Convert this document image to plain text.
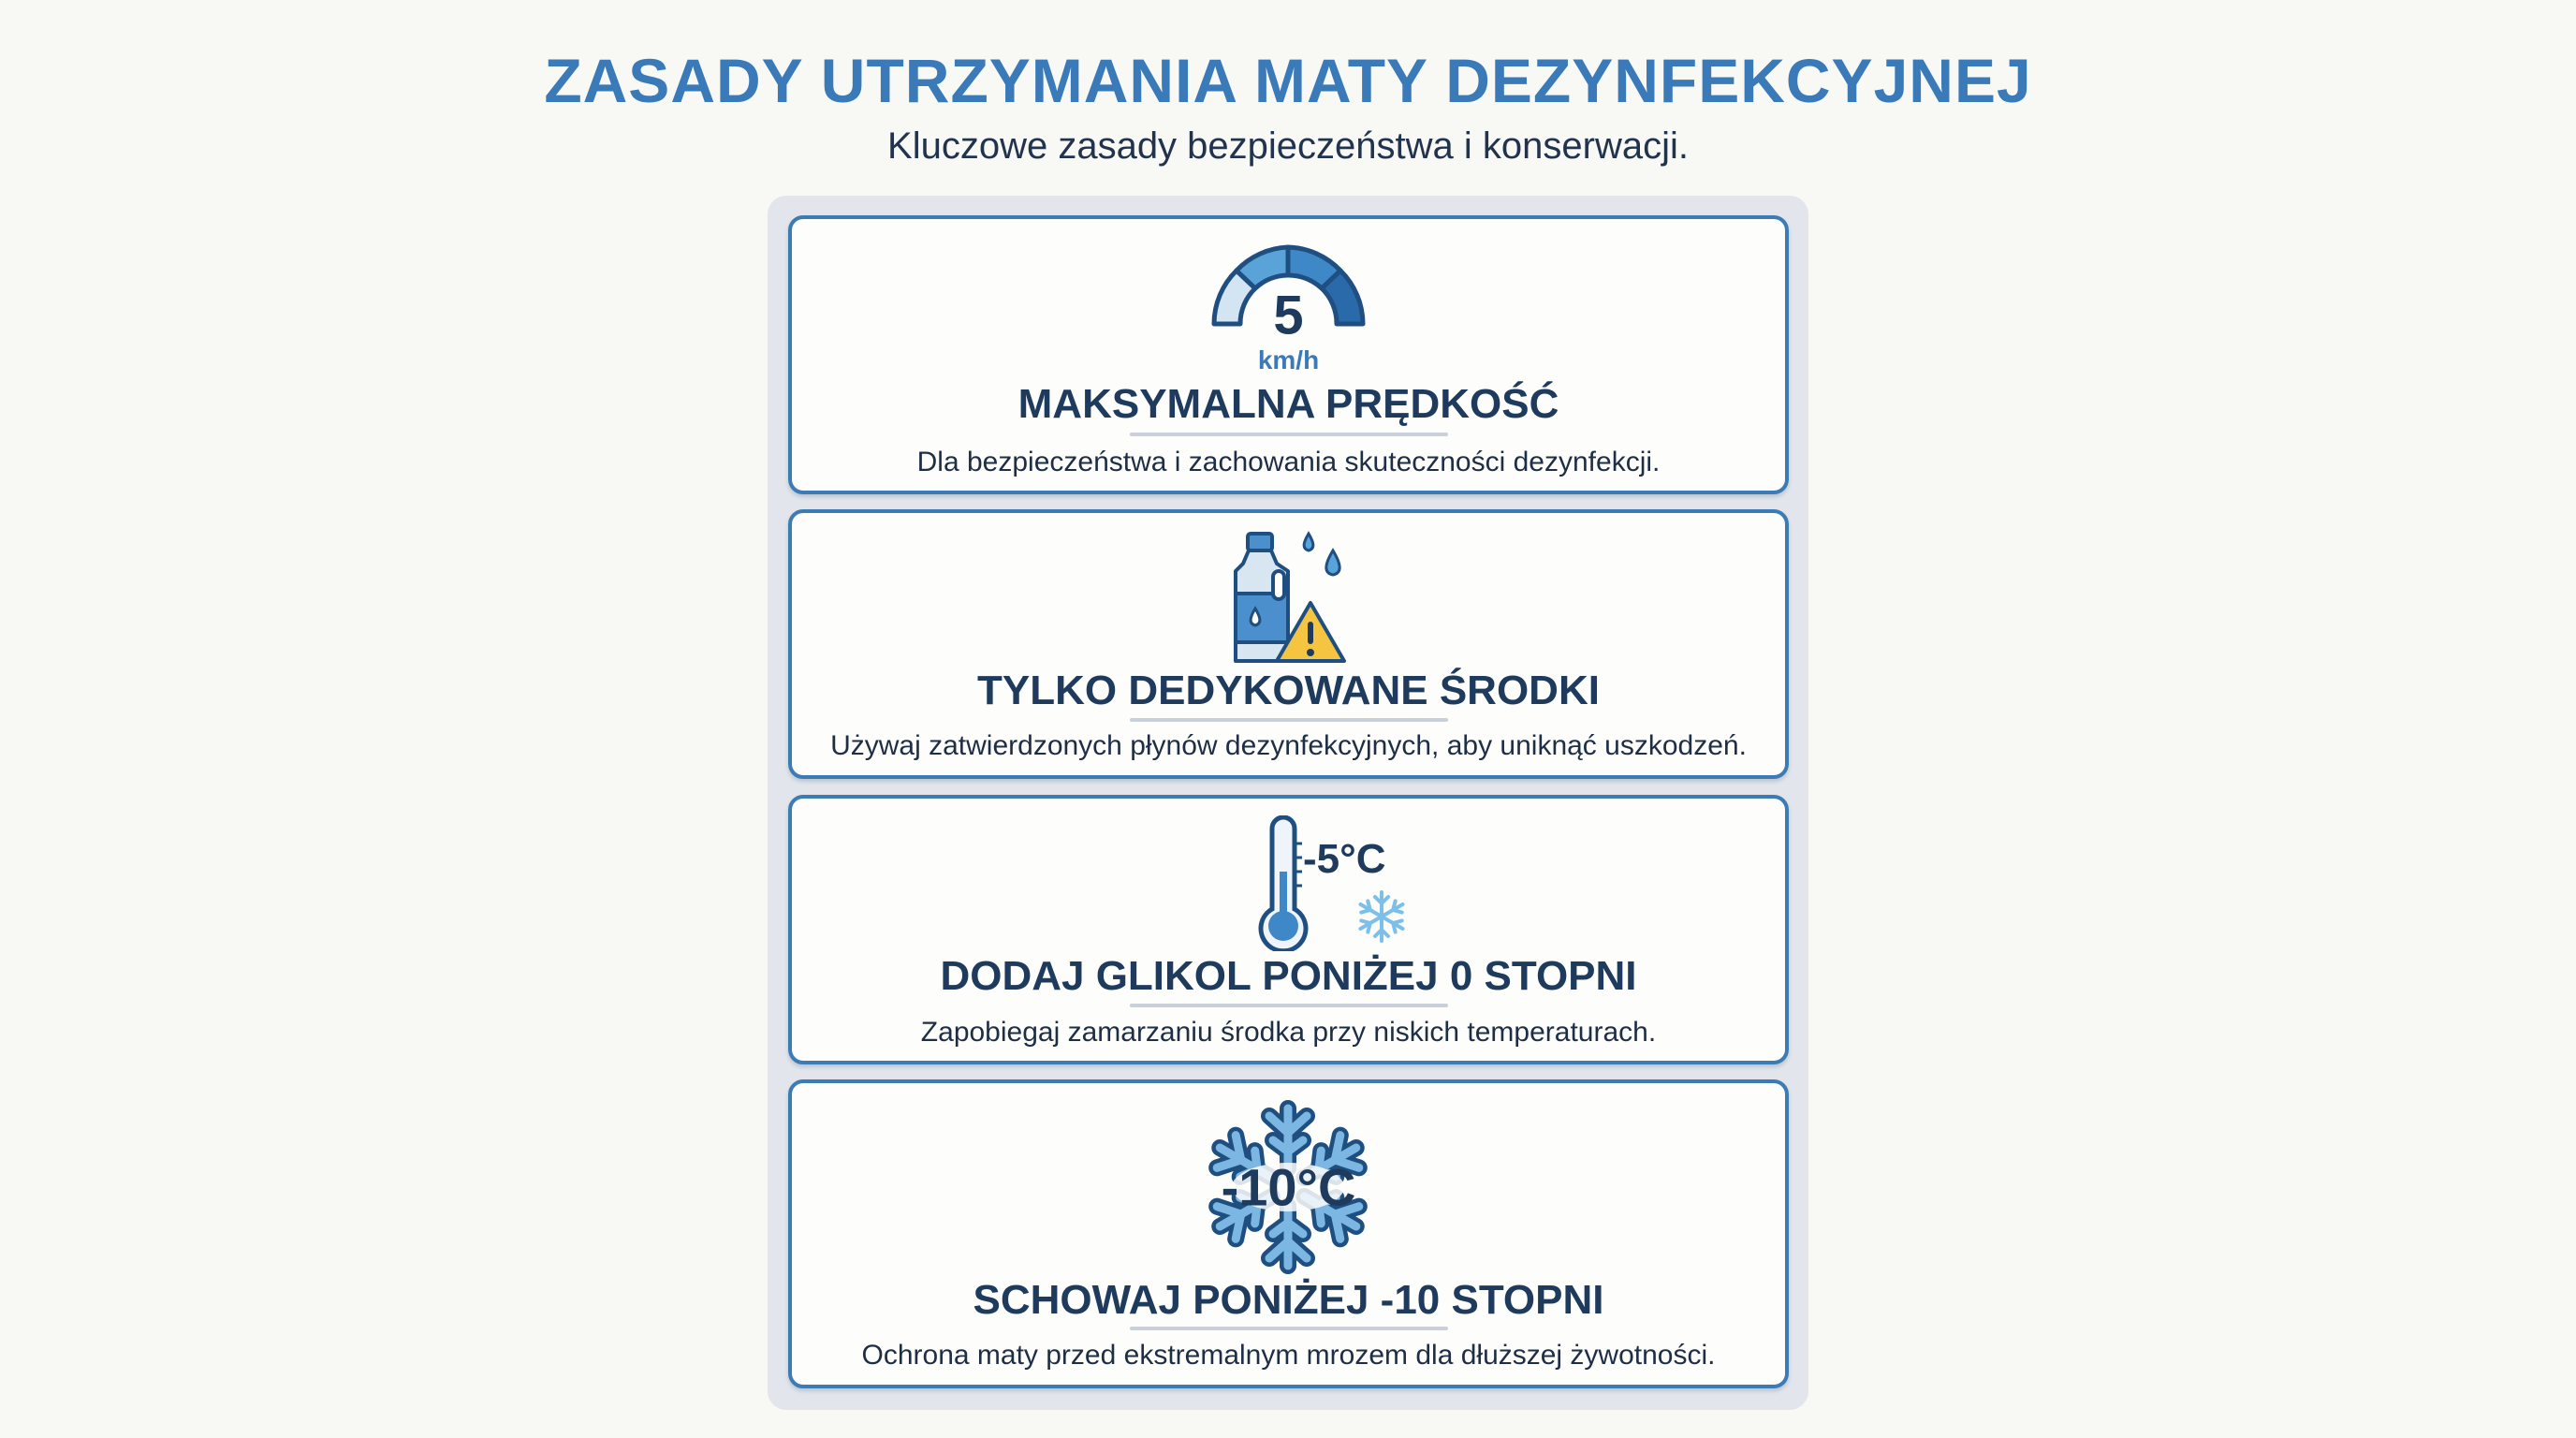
ZASADY UTRZYMANIA MATY DEZYNFEKCYJNEJ
Kluczowe zasady bezpieczeństwa i konserwacji.
5
km/h
MAKSYMALNA PRĘDKOŚĆ
Dla bezpieczeństwa i zachowania skuteczności dezynfekcji.
TYLKO DEDYKOWANE ŚRODKI
Używaj zatwierdzonych płynów dezynfekcyjnych, aby uniknąć uszkodzeń.
-5°C
DODAJ GLIKOL PONIŻEJ 0 STOPNI
Zapobiegaj zamarzaniu środka przy niskich temperaturach.
-10°C
SCHOWAJ PONIŻEJ -10 STOPNI
Ochrona maty przed ekstremalnym mrozem dla dłuższej żywotności.
